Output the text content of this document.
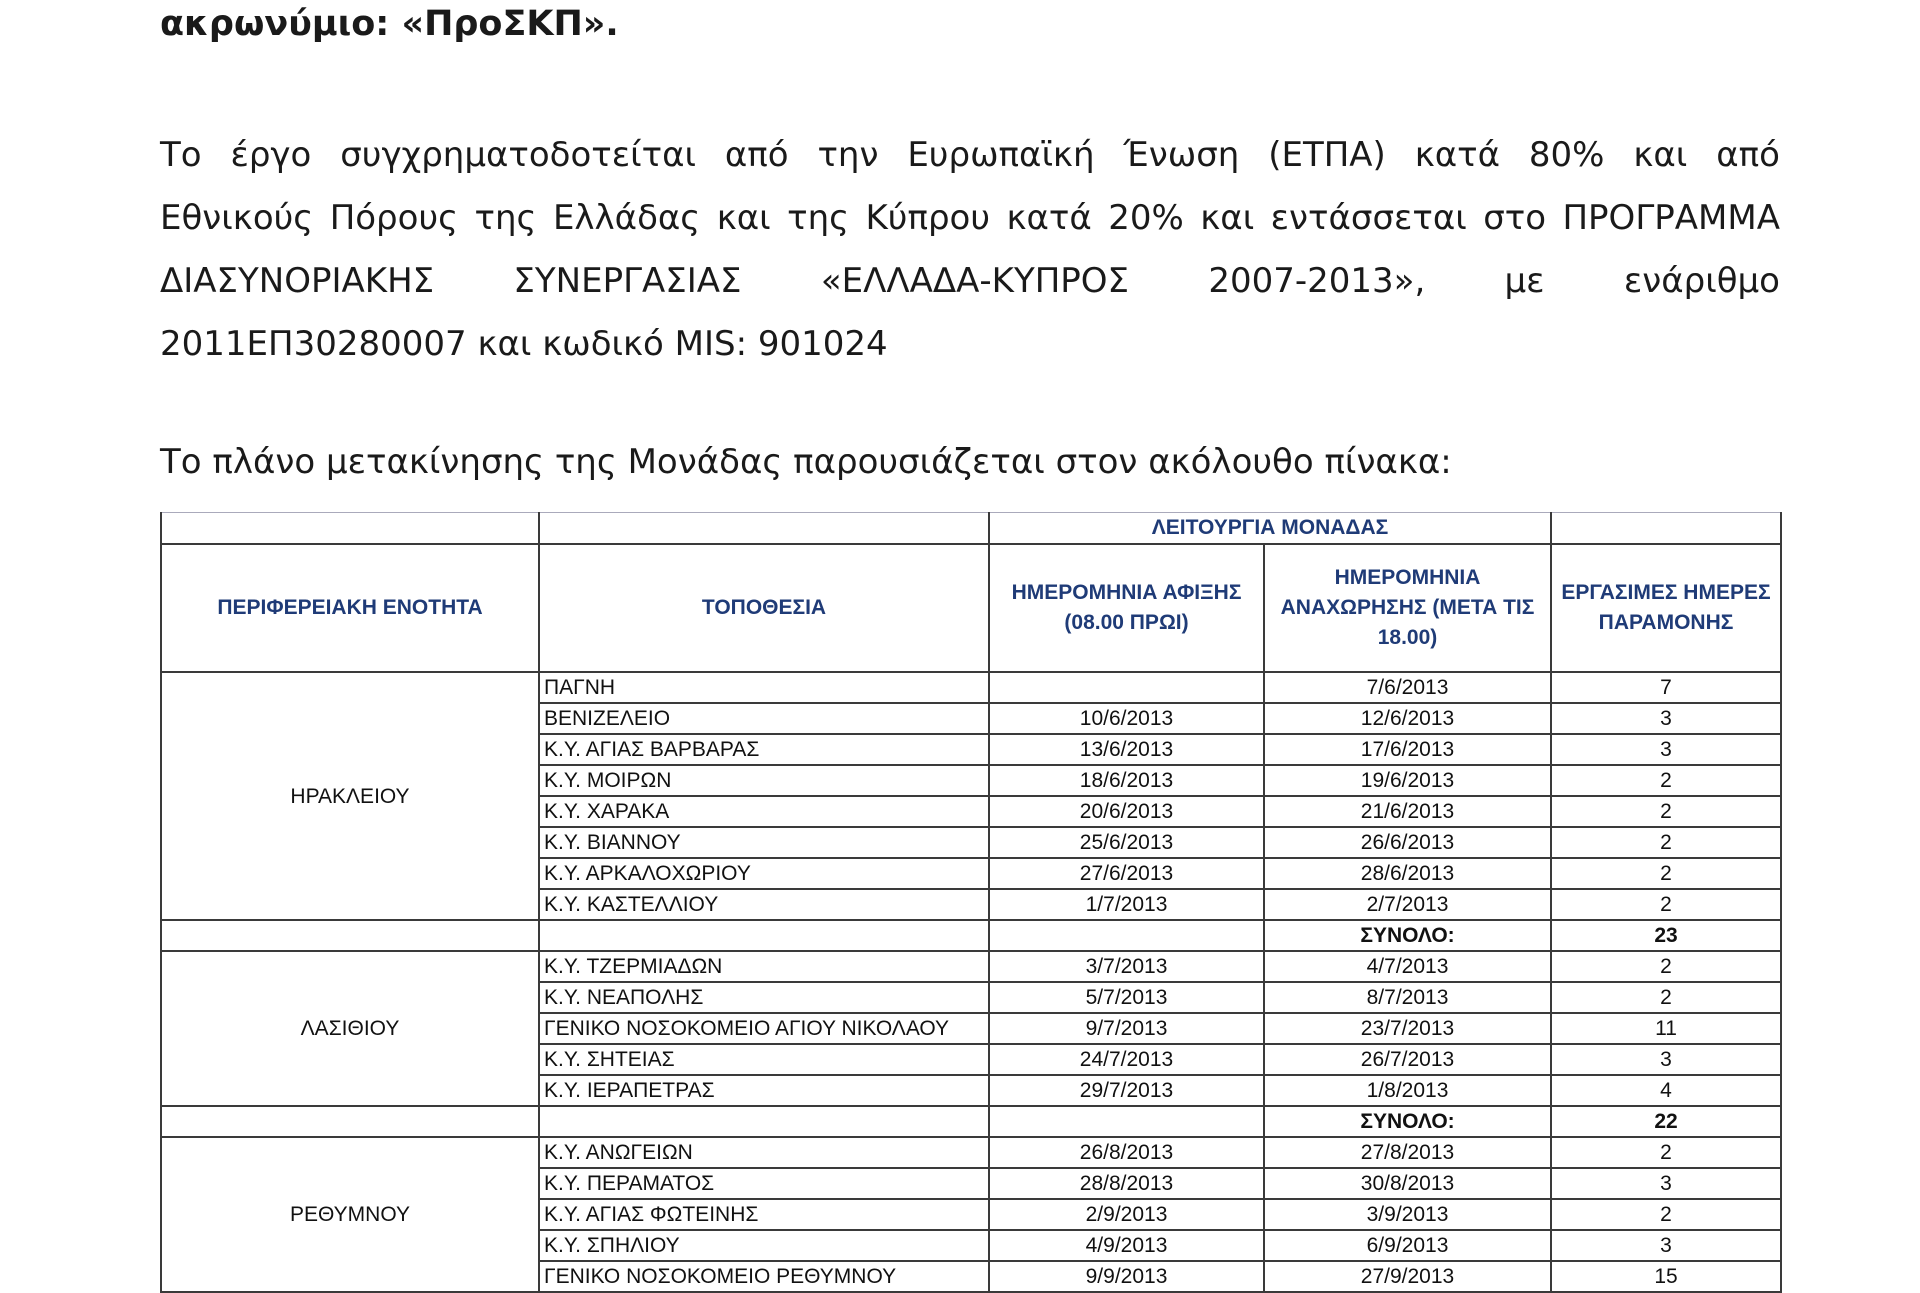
ακρωνύμιο: «ΠροΣΚΠ».
Το έργο συγχρηματοδοτείται από την Ευρωπαϊκή Ένωση (ΕΤΠΑ) κατά 80% και από
Εθνικούς Πόρους της Ελλάδας και της Κύπρου κατά 20% και εντάσσεται στο ΠΡΟΓΡΑΜΜΑ
ΔΙΑΣΥΝΟΡΙΑΚΗΣ ΣΥΝΕΡΓΑΣΙΑΣ «ΕΛΛΑΔΑ-ΚΥΠΡΟΣ 2007-2013», με ενάριθμο
2011ΕΠ30280007 και κωδικό MIS: 901024
Το πλάνο μετακίνησης της Μονάδας παρουσιάζεται στον ακόλουθο πίνακα:
		ΛΕΙΤΟΥΡΓΙΑ ΜΟΝΑΔΑΣ		
ΠΕΡΙΦΕΡΕΙΑΚΗ ΕΝΟΤΗΤΑ	ΤΟΠΟΘΕΣΙΑ	ΗΜΕΡΟΜΗΝΙΑ ΑΦΙΞΗΣ (08.00 ΠΡΩΙ)	ΗΜΕΡΟΜΗΝΙΑ ΑΝΑΧΩΡΗΣΗΣ (ΜΕΤΑ ΤΙΣ 18.00)	ΕΡΓΑΣΙΜΕΣ ΗΜΕΡΕΣ ΠΑΡΑΜΟΝΗΣ
ΗΡΑΚΛΕΙΟΥ	ΠΑΓΝΗ		7/6/2013	7
	ΒΕΝΙΖΕΛΕΙΟ	10/6/2013	12/6/2013	3
	Κ.Υ. ΑΓΙΑΣ ΒΑΡΒΑΡΑΣ	13/6/2013	17/6/2013	3
	Κ.Υ. ΜΟΙΡΩΝ	18/6/2013	19/6/2013	2
	Κ.Υ. ΧΑΡΑΚΑ	20/6/2013	21/6/2013	2
	Κ.Υ. ΒΙΑΝΝΟΥ	25/6/2013	26/6/2013	2
	Κ.Υ. ΑΡΚΑΛΟΧΩΡΙΟΥ	27/6/2013	28/6/2013	2
	Κ.Υ. ΚΑΣΤΕΛΛΙΟΥ	1/7/2013	2/7/2013	2
			ΣΥΝΟΛΟ:	23
ΛΑΣΙΘΙΟΥ	Κ.Υ. ΤΖΕΡΜΙΑΔΩΝ	3/7/2013	4/7/2013	2
	Κ.Υ. ΝΕΑΠΟΛΗΣ	5/7/2013	8/7/2013	2
	ΓΕΝΙΚΟ ΝΟΣΟΚΟΜΕΙΟ ΑΓΙΟΥ ΝΙΚΟΛΑΟΥ	9/7/2013	23/7/2013	11
	Κ.Υ. ΣΗΤΕΙΑΣ	24/7/2013	26/7/2013	3
	Κ.Υ. ΙΕΡΑΠΕΤΡΑΣ	29/7/2013	1/8/2013	4
			ΣΥΝΟΛΟ:	22
ΡΕΘΥΜΝΟΥ	Κ.Υ. ΑΝΩΓΕΙΩΝ	26/8/2013	27/8/2013	2
	Κ.Υ. ΠΕΡΑΜΑΤΟΣ	28/8/2013	30/8/2013	3
	Κ.Υ. ΑΓΙΑΣ ΦΩΤΕΙΝΗΣ	2/9/2013	3/9/2013	2
	Κ.Υ. ΣΠΗΛΙΟΥ	4/9/2013	6/9/2013	3
	ΓΕΝΙΚΟ ΝΟΣΟΚΟΜΕΙΟ ΡΕΘΥΜΝΟΥ	9/9/2013	27/9/2013	15
